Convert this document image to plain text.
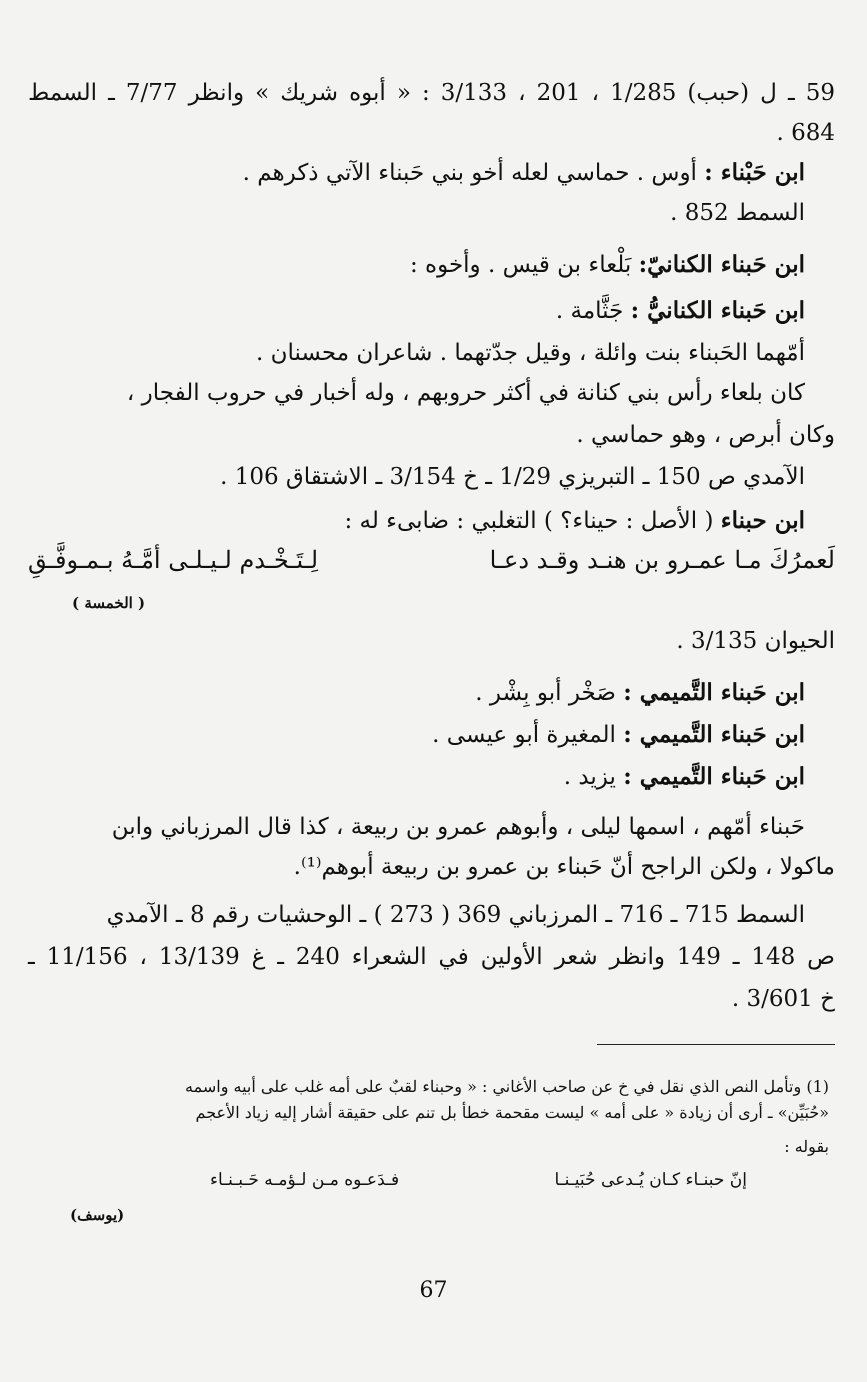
59 ـ ل (حبب) 1/285 ، 201 ، 3/133 : « أبوه شريك » وانظر 7/77 ـ السمط
684 .
ابن حَبْناء : أوس . حماسي لعله أخو بني حَبناء الآتي ذكرهم .
السمط 852 .
ابن حَبناء الكنانيّ: بَلْعاء بن قيس . وأخوه :
ابن حَبناء الكنانيُّ : جَثَّامة .
أمّهما الحَبناء بنت وائلة ، وقيل جدّتهما . شاعران محسنان .
كان بلعاء رأس بني كنانة في أكثر حروبهم ، وله أخبار في حروب الفجار ،
وكان أبرص ، وهو حماسي .
الآمدي ص 150 ـ التبريزي 1/29 ـ خ 3/154 ـ الاشتقاق 106 .
ابن حبناء ( الأصل : حيناء؟ ) التغلبي : ضابىء له :
لَعمرُكَ مـا عمـرو بن هنـد وقـد دعـا
لِـتَـخْـدم لـيـلـى أمَّـهُ بـمـوفَّـقِ
( الخمسة )
الحيوان 3/135 .
ابن حَبناء التَّميمي : صَخْر أبو بِشْر .
ابن حَبناء التَّميمي : المغيرة أبو عيسى .
ابن حَبناء التَّميمي : يزيد .
حَبناء أمّهم ، اسمها ليلى ، وأبوهم عمرو بن ربيعة ، كذا قال المرزباني وابن
ماكولا ، ولكن الراجح أنّ حَبناء بن عمرو بن ربيعة أبوهم⁽¹⁾.
السمط 715 ـ 716 ـ المرزباني 369 ( 273 ) ـ الوحشيات رقم 8 ـ الآمدي
ص 148 ـ 149 وانظر شعر الأولين في الشعراء 240 ـ غ 13/139 ، 11/156 ـ
خ 3/601 .
(1) وتأمل النص الذي نقل في خ عن صاحب الأغاني : « وحبناء لقبٌ على أمه غلب على أبيه واسمه
«حُبَيِّن» ـ أرى أن زيادة « على أمه » ليست مقحمة خطأ بل تنم على حقيقة أشار إليه زياد الأعجم
بقوله :
إنّ حبنـاء كـان يُـدعى حُبَيـنـا
فـدَعـوه مـن لـؤمـه حَـبـنـاء
(يوسف)
67
